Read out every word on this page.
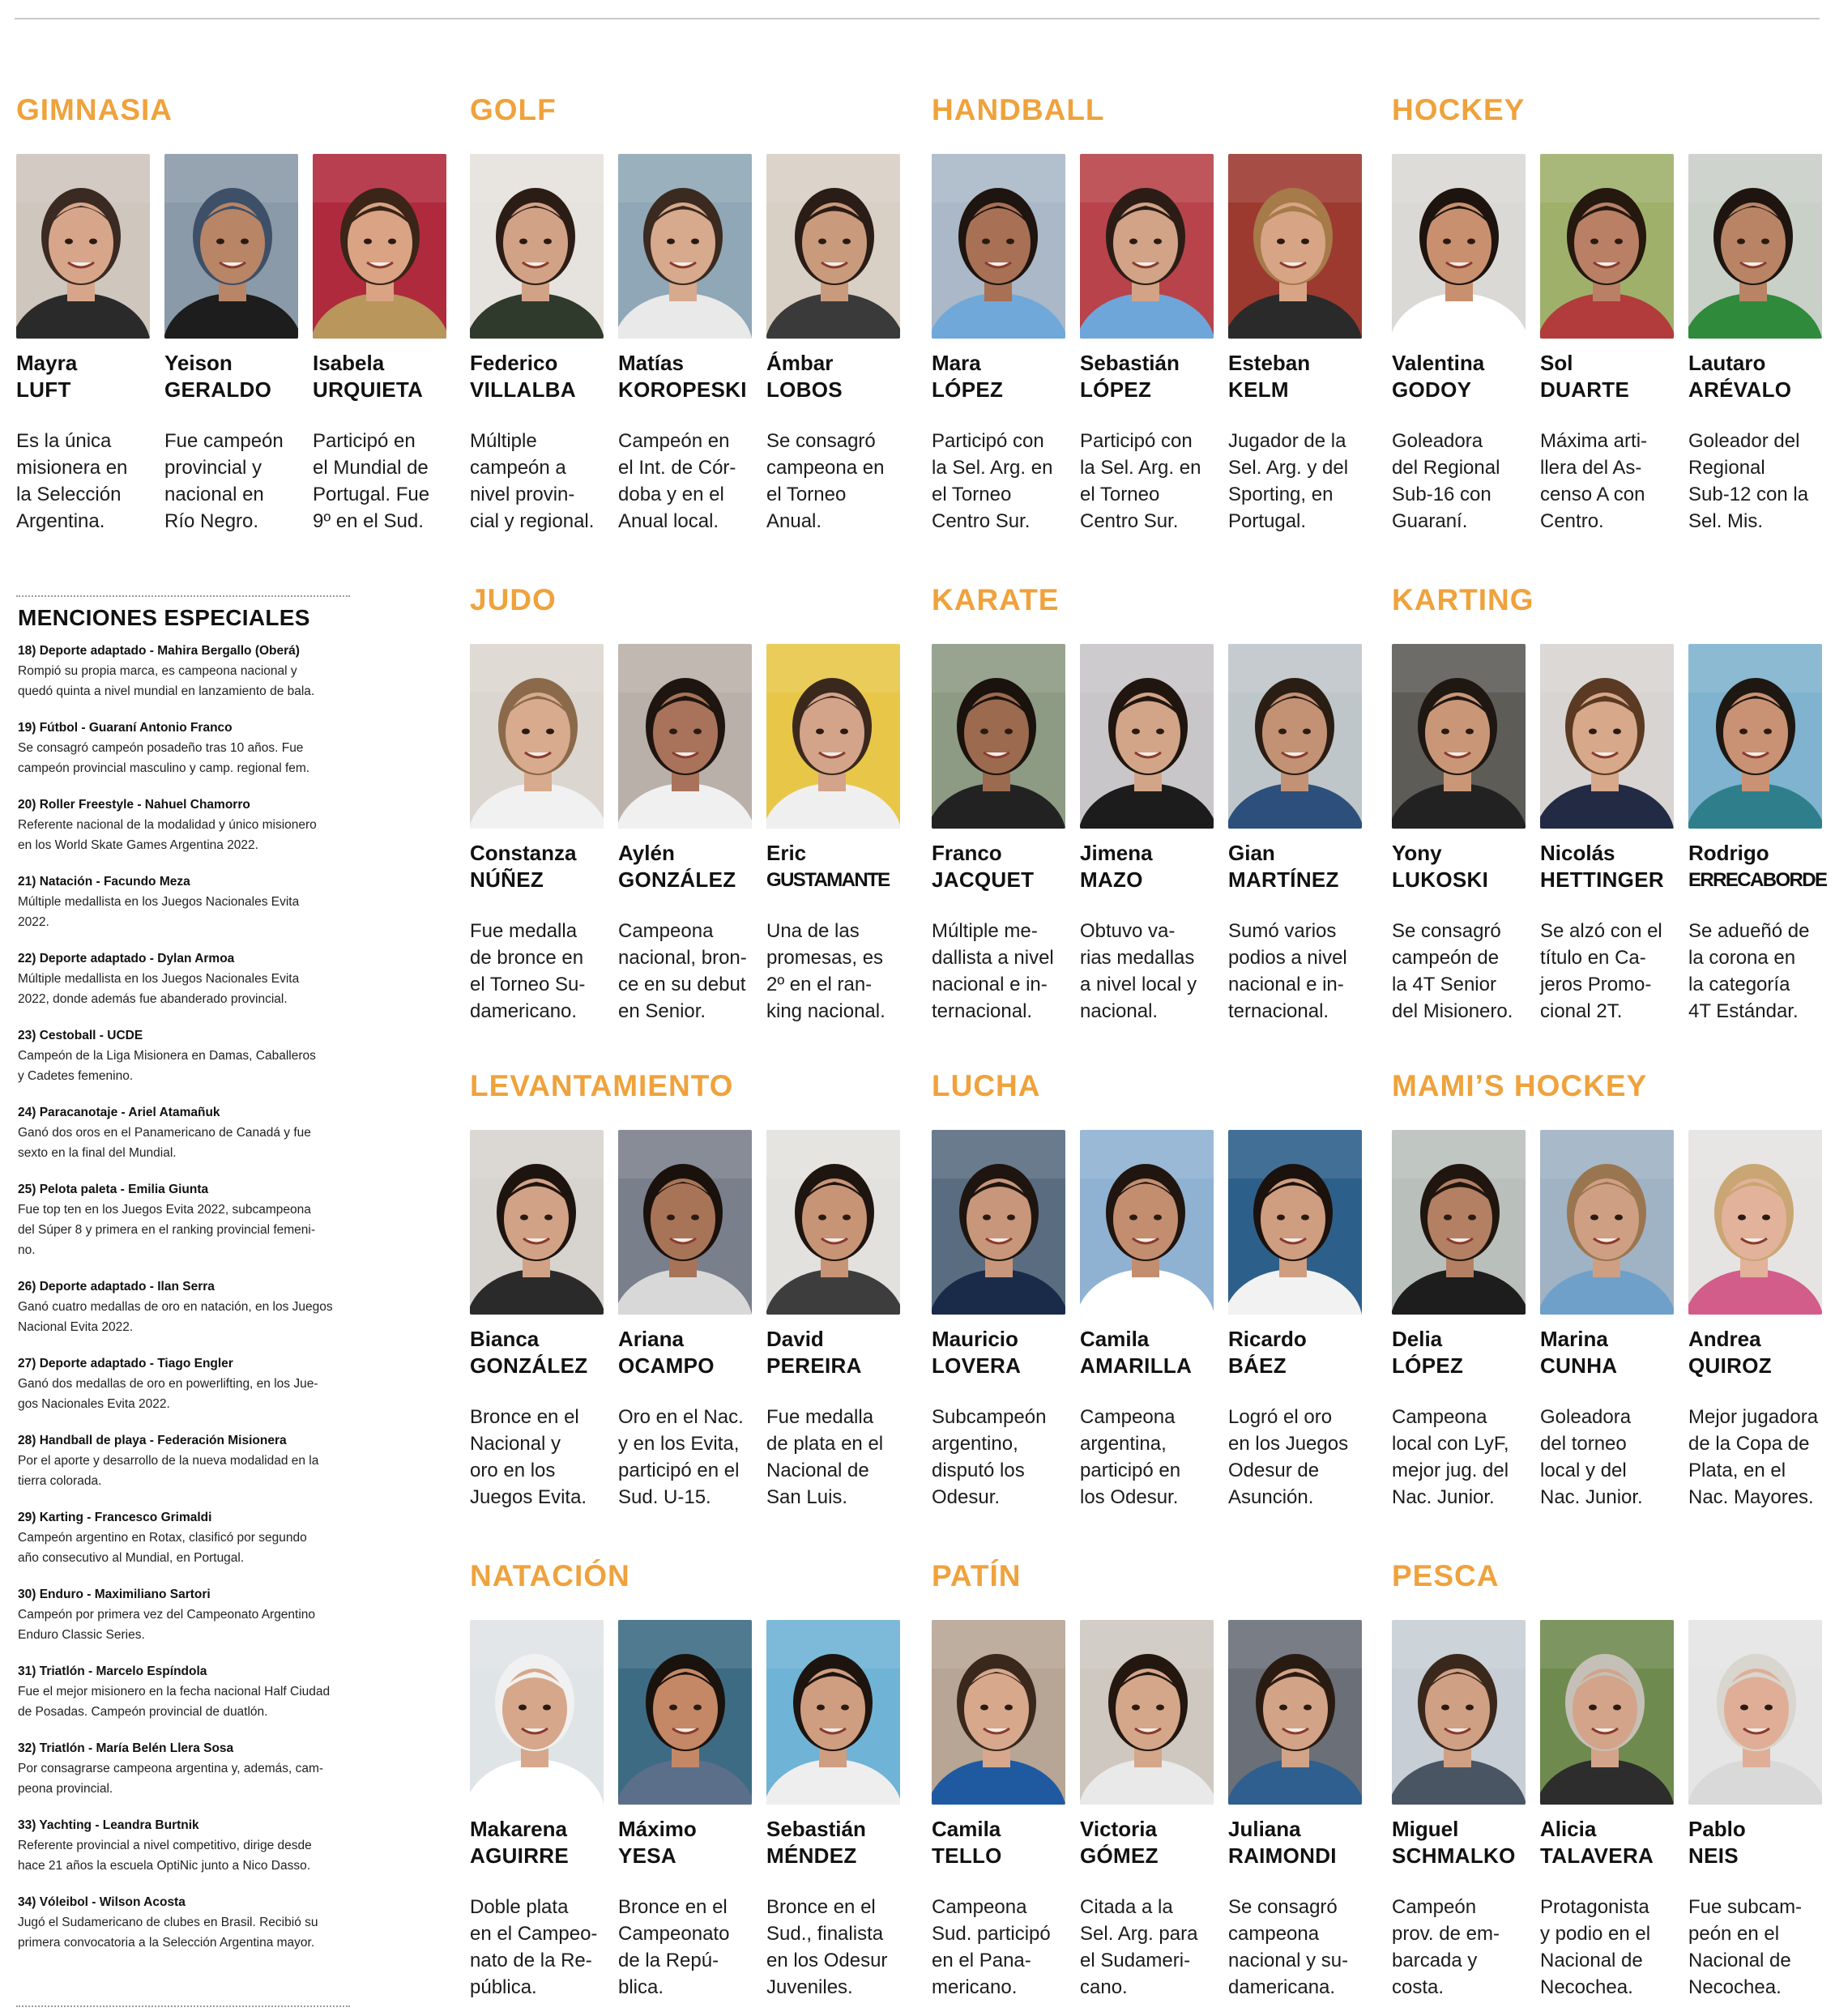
GIMNASIA
Mayra
LUFT
Es la única
misionera en
la Selección
Argentina.
Yeison
GERALDO
Fue campeón
provincial y
nacional en
Río Negro.
Isabela
URQUIETA
Participó en
el Mundial de
Portugal. Fue
9º en el Sud.
GOLF
Federico
VILLALBA
Múltiple
campeón a
nivel provin-
cial y regional.
Matías
KOROPESKI
Campeón en
el Int. de Cór-
doba y en el
Anual local.
Ámbar
LOBOS
Se consagró
campeona en
el Torneo
Anual.
HANDBALL
Mara
LÓPEZ
Participó con
la Sel. Arg. en
el Torneo
Centro Sur.
Sebastián
LÓPEZ
Participó con
la Sel. Arg. en
el Torneo
Centro Sur.
Esteban
KELM
Jugador de la
Sel. Arg. y del
Sporting, en
Portugal.
HOCKEY
Valentina
GODOY
Goleadora
del Regional
Sub-16 con
Guaraní.
Sol
DUARTE
Máxima arti-
llera del As-
censo A con
Centro.
Lautaro
ARÉVALO
Goleador del
Regional
Sub-12 con la
Sel. Mis.
JUDO
Constanza
NÚÑEZ
Fue medalla
de bronce en
el Torneo Su-
damericano.
Aylén
GONZÁLEZ
Campeona
nacional, bron-
ce en su debut
en Senior.
Eric
GUSTAMANTE
Una de las
promesas, es
2º en el ran-
king nacional.
KARATE
Franco
JACQUET
Múltiple me-
dallista a nivel
nacional e in-
ternacional.
Jimena
MAZO
Obtuvo va-
rias medallas
a nivel local y
nacional.
Gian
MARTÍNEZ
Sumó varios
podios a nivel
nacional e in-
ternacional.
KARTING
Yony
LUKOSKI
Se consagró
campeón de
la 4T Senior
del Misionero.
Nicolás
HETTINGER
Se alzó con el
título en Ca-
jeros Promo-
cional 2T.
Rodrigo
ERRECABORDE
Se adueñó de
la corona en
la categoría
4T Estándar.
LEVANTAMIENTO
Bianca
GONZÁLEZ
Bronce en el
Nacional y
oro en los
Juegos Evita.
Ariana
OCAMPO
Oro en el Nac.
y en los Evita,
participó en el
Sud. U-15.
David
PEREIRA
Fue medalla
de plata en el
Nacional de
San Luis.
LUCHA
Mauricio
LOVERA
Subcampeón
argentino,
disputó los
Odesur.
Camila
AMARILLA
Campeona
argentina,
participó en
los Odesur.
Ricardo
BÁEZ
Logró el oro
en los Juegos
Odesur de
Asunción.
MAMI’S HOCKEY
Delia
LÓPEZ
Campeona
local con LyF,
mejor jug. del
Nac. Junior.
Marina
CUNHA
Goleadora
del torneo
local y del
Nac. Junior.
Andrea
QUIROZ
Mejor jugadora
de la Copa de
Plata, en el
Nac. Mayores.
NATACIÓN
Makarena
AGUIRRE
Doble plata
en el Campeo-
nato de la Re-
pública.
Máximo
YESA
Bronce en el
Campeonato
de la Repú-
blica.
Sebastián
MÉNDEZ
Bronce en el
Sud., finalista
en los Odesur
Juveniles.
PATÍN
Camila
TELLO
Campeona
Sud. participó
en el Pana-
mericano.
Victoria
GÓMEZ
Citada a la
Sel. Arg. para
el Sudameri-
cano.
Juliana
RAIMONDI
Se consagró
campeona
nacional y su-
damericana.
PESCA
Miguel
SCHMALKO
Campeón
prov. de em-
barcada y
costa.
Alicia
TALAVERA
Protagonista
y podio en el
Nacional de
Necochea.
Pablo
NEIS
Fue subcam-
peón en el
Nacional de
Necochea.
MENCIONES ESPECIALES
18) Deporte adaptado - Mahira Bergallo (Oberá)
Rompió su propia marca, es campeona nacional y
quedó quinta a nivel mundial en lanzamiento de bala.
19) Fútbol - Guaraní Antonio Franco
Se consagró campeón posadeño tras 10 años. Fue
campeón provincial masculino y camp. regional fem.
20) Roller Freestyle - Nahuel Chamorro
Referente nacional de la modalidad y único misionero
en los World Skate Games Argentina 2022.
21) Natación - Facundo Meza
Múltiple medallista en los Juegos Nacionales Evita
2022.
22) Deporte adaptado - Dylan Armoa
Múltiple medallista en los Juegos Nacionales Evita
2022, donde además fue abanderado provincial.
23) Cestoball - UCDE
Campeón de la Liga Misionera en Damas, Caballeros
y Cadetes femenino.
24) Paracanotaje - Ariel Atamañuk
Ganó dos oros en el Panamericano de Canadá y fue
sexto en la final del Mundial.
25) Pelota paleta - Emilia Giunta
Fue top ten en los Juegos Evita 2022, subcampeona
del Súper 8 y primera en el ranking provincial femeni-
no.
26) Deporte adaptado - Ilan Serra
Ganó cuatro medallas de oro en natación, en los Juegos
Nacional Evita 2022.
27) Deporte adaptado - Tiago Engler
Ganó dos medallas de oro en powerlifting, en los Jue-
gos Nacionales Evita 2022.
28) Handball de playa - Federación Misionera
Por el aporte y desarrollo de la nueva modalidad en la
tierra colorada.
29) Karting - Francesco Grimaldi
Campeón argentino en Rotax, clasificó por segundo
año consecutivo al Mundial, en Portugal.
30) Enduro - Maximiliano Sartori
Campeón por primera vez del Campeonato Argentino
Enduro Classic Series.
31) Triatlón - Marcelo Espíndola
Fue el mejor misionero en la fecha nacional Half Ciudad
de Posadas. Campeón provincial de duatlón.
32) Triatlón - María Belén Llera Sosa
Por consagrarse campeona argentina y, además, cam-
peona provincial.
33) Yachting - Leandra Burtnik
Referente provincial a nivel competitivo, dirige desde
hace 21 años la escuela OptiNic junto a Nico Dasso.
34) Vóleibol - Wilson Acosta
Jugó el Sudamericano de clubes en Brasil. Recibió su
primera convocatoria a la Selección Argentina mayor.
